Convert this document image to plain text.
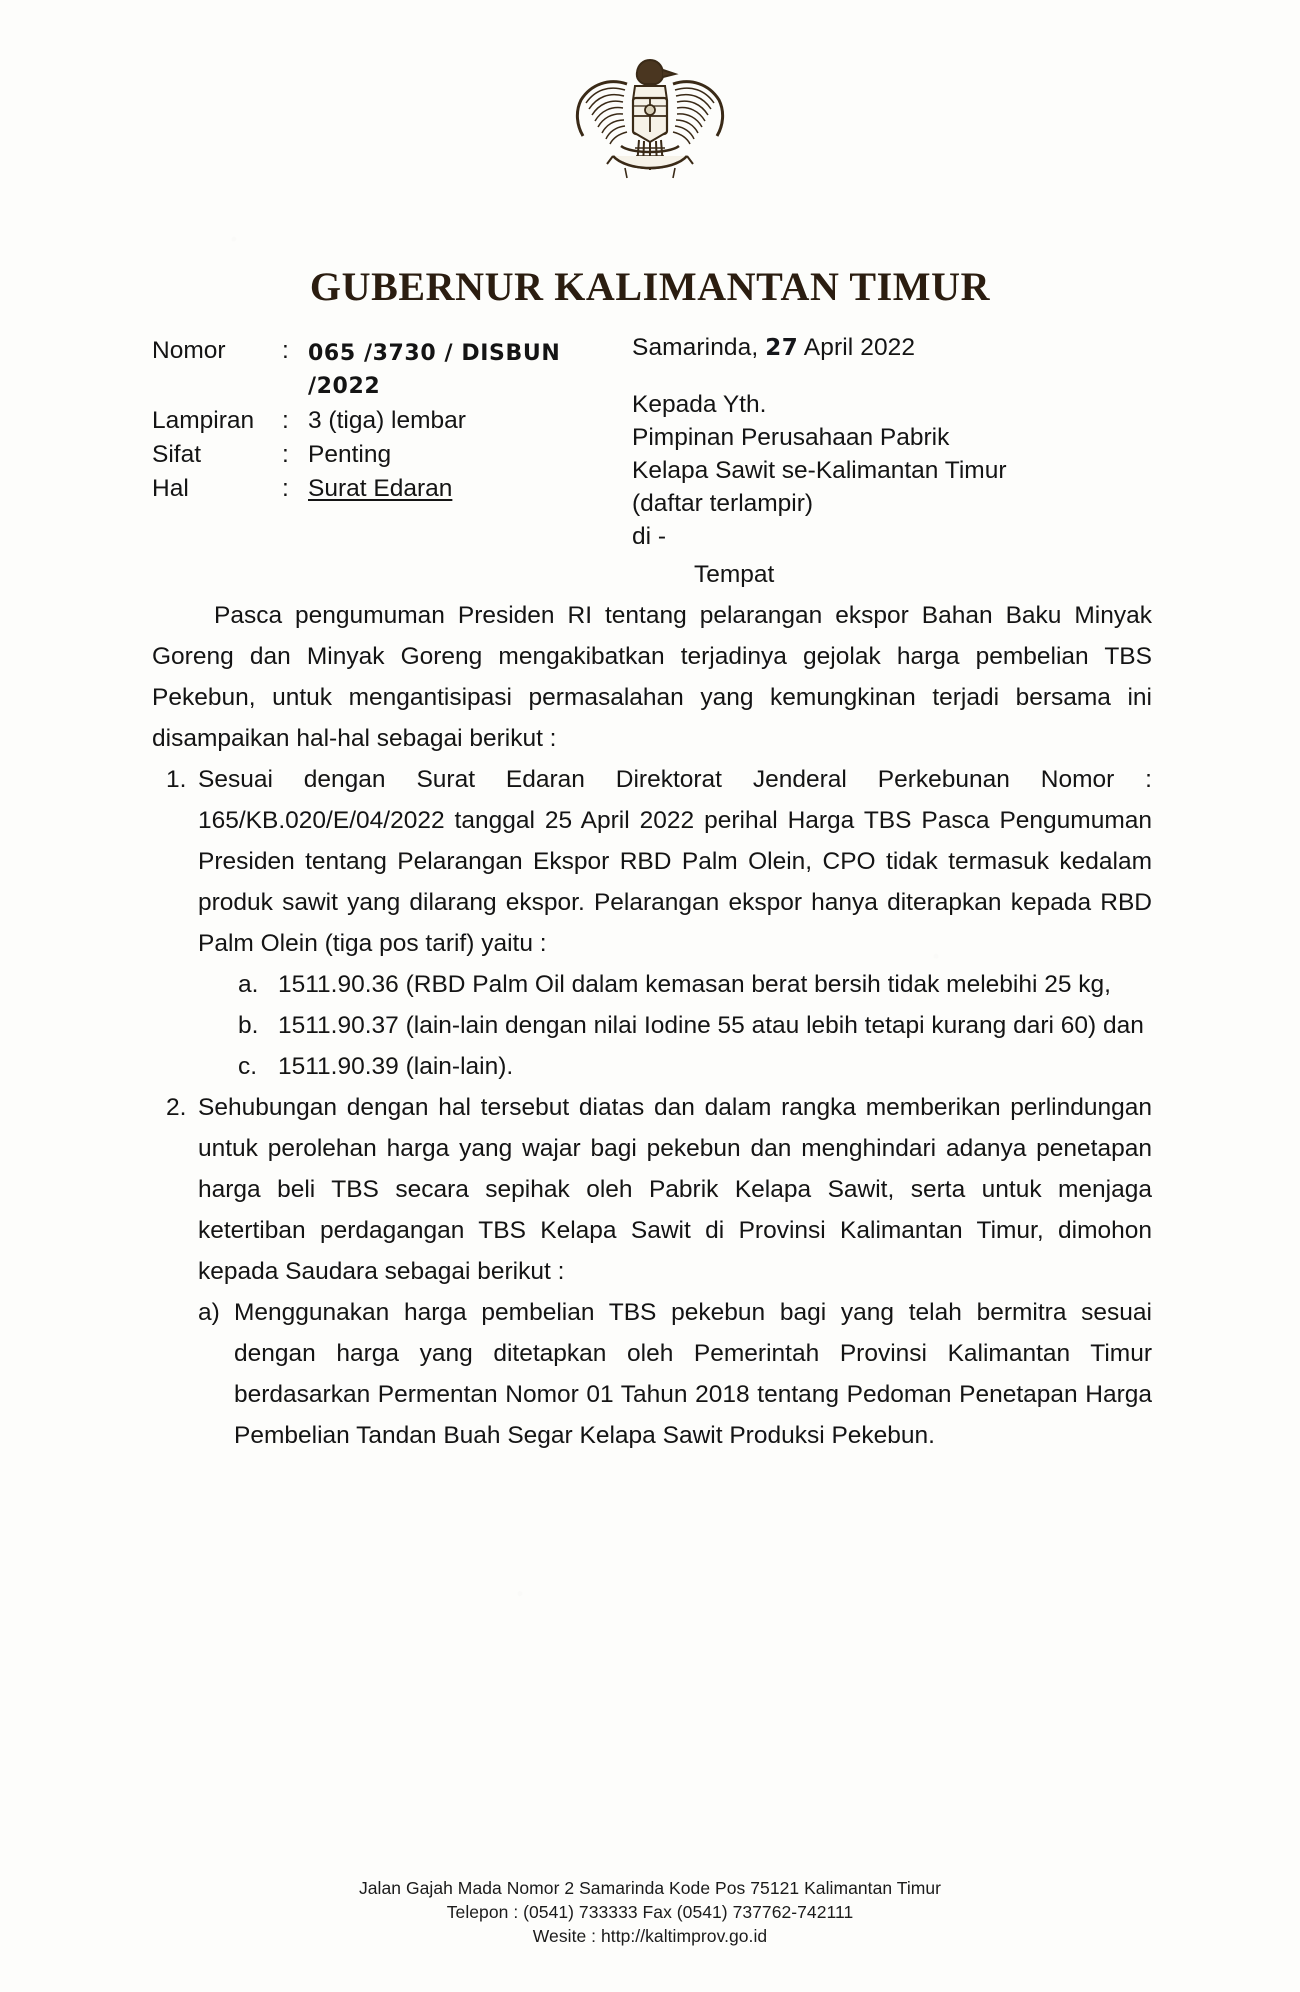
GUBERNUR KALIMANTAN TIMUR
Nomor	: 065 /3730 / DISBUN /2022
Lampiran	: 3 (tiga) lembar
Sifat	: Penting
Hal	: Surat Edaran
Samarinda, 27 April 2022
Kepada Yth.
Pimpinan Perusahaan Pabrik
Kelapa Sawit se-Kalimantan Timur
(daftar terlampir)
di -
Tempat

Pasca pengumuman Presiden RI tentang pelarangan ekspor Bahan Baku Minyak Goreng dan Minyak Goreng mengakibatkan terjadinya gejolak harga pembelian TBS Pekebun, untuk mengantisipasi permasalahan yang kemungkinan terjadi bersama ini disampaikan hal-hal sebagai berikut :

1. Sesuai dengan Surat Edaran Direktorat Jenderal Perkebunan Nomor : 165/KB.020/E/04/2022 tanggal 25 April 2022 perihal Harga TBS Pasca Pengumuman Presiden tentang Pelarangan Ekspor RBD Palm Olein, CPO tidak termasuk kedalam produk sawit yang dilarang ekspor. Pelarangan ekspor hanya diterapkan kepada RBD Palm Olein (tiga pos tarif) yaitu :
a. 1511.90.36 (RBD Palm Oil dalam kemasan berat bersih tidak melebihi 25 kg,
b. 1511.90.37 (lain-lain dengan nilai Iodine 55 atau lebih tetapi kurang dari 60) dan
c. 1511.90.39 (lain-lain).
2. Sehubungan dengan hal tersebut diatas dan dalam rangka memberikan perlindungan untuk perolehan harga yang wajar bagi pekebun dan menghindari adanya penetapan harga beli TBS secara sepihak oleh Pabrik Kelapa Sawit, serta untuk menjaga ketertiban perdagangan TBS Kelapa Sawit di Provinsi Kalimantan Timur, dimohon kepada Saudara sebagai berikut :
a) Menggunakan harga pembelian TBS pekebun bagi yang telah bermitra sesuai dengan harga yang ditetapkan oleh Pemerintah Provinsi Kalimantan Timur berdasarkan Permentan Nomor 01 Tahun 2018 tentang Pedoman Penetapan Harga Pembelian Tandan Buah Segar Kelapa Sawit Produksi Pekebun.
Jalan Gajah Mada Nomor 2 Samarinda Kode Pos 75121 Kalimantan Timur
Telepon : (0541) 733333 Fax (0541) 737762-742111
Wesite : http://kaltimprov.go.id
